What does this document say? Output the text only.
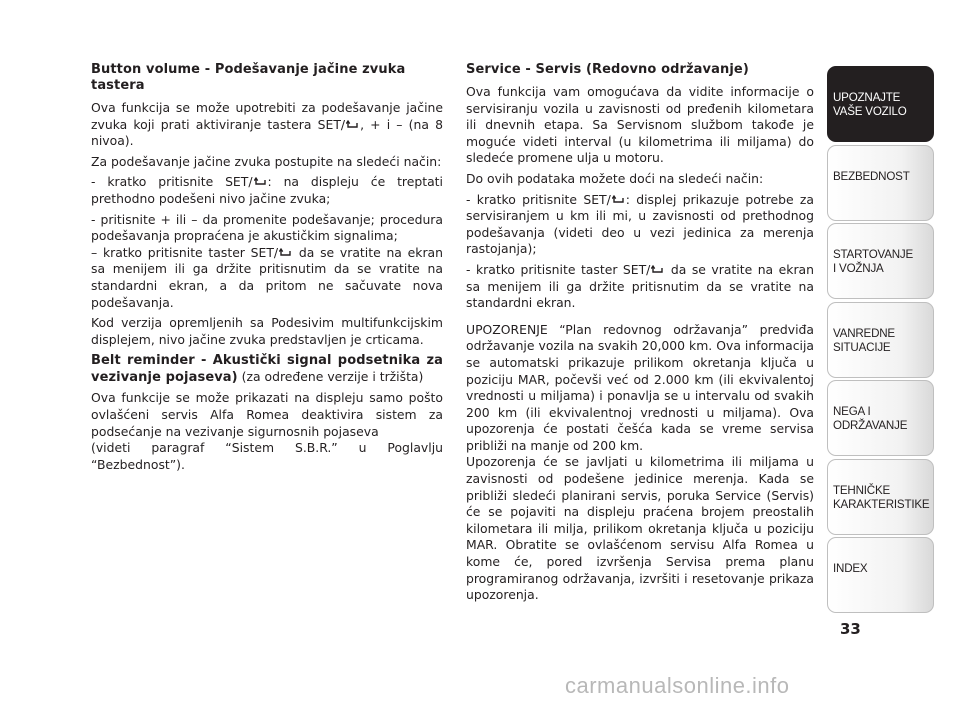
Button volume - Podešavanje jačine zvuka tastera

Ova funkcija se može upotrebiti za podešavanje jačine zvuka koji prati aktiviranje tastera SET/ , + i – (na 8 nivoa).

Za podešavanje jačine zvuka postupite na sledeći način:

- kratko pritisnite SET/ : na displeju će treptati prethodno podešeni nivo jačine zvuka;

- pritisnite + ili – da promenite podešavanje; procedura podešavanja propraćena je akustičkim signalima;

– kratko pritisnite taster SET/ da se vratite na ekran sa menijem ili ga držite pritisnutim da se vratite na standardni ekran, a da pritom ne sačuvate nova podešavanja.

Kod verzija opremljenih sa Podesivim multifunkcijskim displejem, nivo jačine zvuka predstavljen je crticama.

Belt reminder - Akustički signal podsetnika za vezivanje pojaseva) (za određene verzije i tržišta)

Ova funkcije se može prikazati na displeju samo pošto ovlašćeni servis Alfa Romea deaktivira sistem za podsećanje na vezivanje sigurnosnih pojaseva

(videti paragraf “Sistem S.B.R.” u Poglavlju “Bezbednost”).

Service - Servis (Redovno održavanje)

Ova funkcija vam omogućava da vidite informacije o servisiranju vozila u zavisnosti od pređenih kilometara ili dnevnih etapa. Sa Servisnom službom takođe je moguće videti interval (u kilometrima ili miljama) do sledeće promene ulja u motoru.

Do ovih podataka možete doći na sledeći način:

- kratko pritisnite SET/ : displej prikazuje potrebe za servisiranjem u km ili mi, u zavisnosti od prethodnog podešavanja (videti deo u vezi jedinica za merenja rastojanja);

- kratko pritisnite taster SET/ da se vratite na ekran sa menijem ili ga držite pritisnutim da se vratite na standardni ekran.

UPOZORENJE “Plan redovnog održavanja” predviđa održavanje vozila na svakih 20,000 km. Ova informacija se automatski prikazuje prilikom okretanja ključa u poziciju MAR, počevši već od 2.000 km (ili ekvivalentoj vrednosti u miljama) i ponavlja se u intervalu od svakih 200 km (ili ekvivalentnoj vrednosti u miljama). Ova upozorenja će postati češća kada se vreme servisa približi na manje od 200 km.

Upozorenja će se javljati u kilometrima ili miljama u zavisnosti od podešene jedinice merenja. Kada se približi sledeći planirani servis, poruka Service (Servis) će se pojaviti na displeju praćena brojem preostalih kilometara ili milja, prilikom okretanja ključa u poziciju MAR. Obratite se ovlašćenom servisu Alfa Romea u kome će, pored izvršenja Servisa prema planu programiranog održavanja, izvršiti i resetovanje prikaza upozorenja.

UPOZNAJTE
VAŠE VOZILO
BEZBEDNOST
STARTOVANJE
I VOŽNJA
VANREDNE
SITUACIJE
NEGA I
ODRŽAVANJE
TEHNIČKE
KARAKTERISTIKE
INDEX
33
carmanualsonline.info
